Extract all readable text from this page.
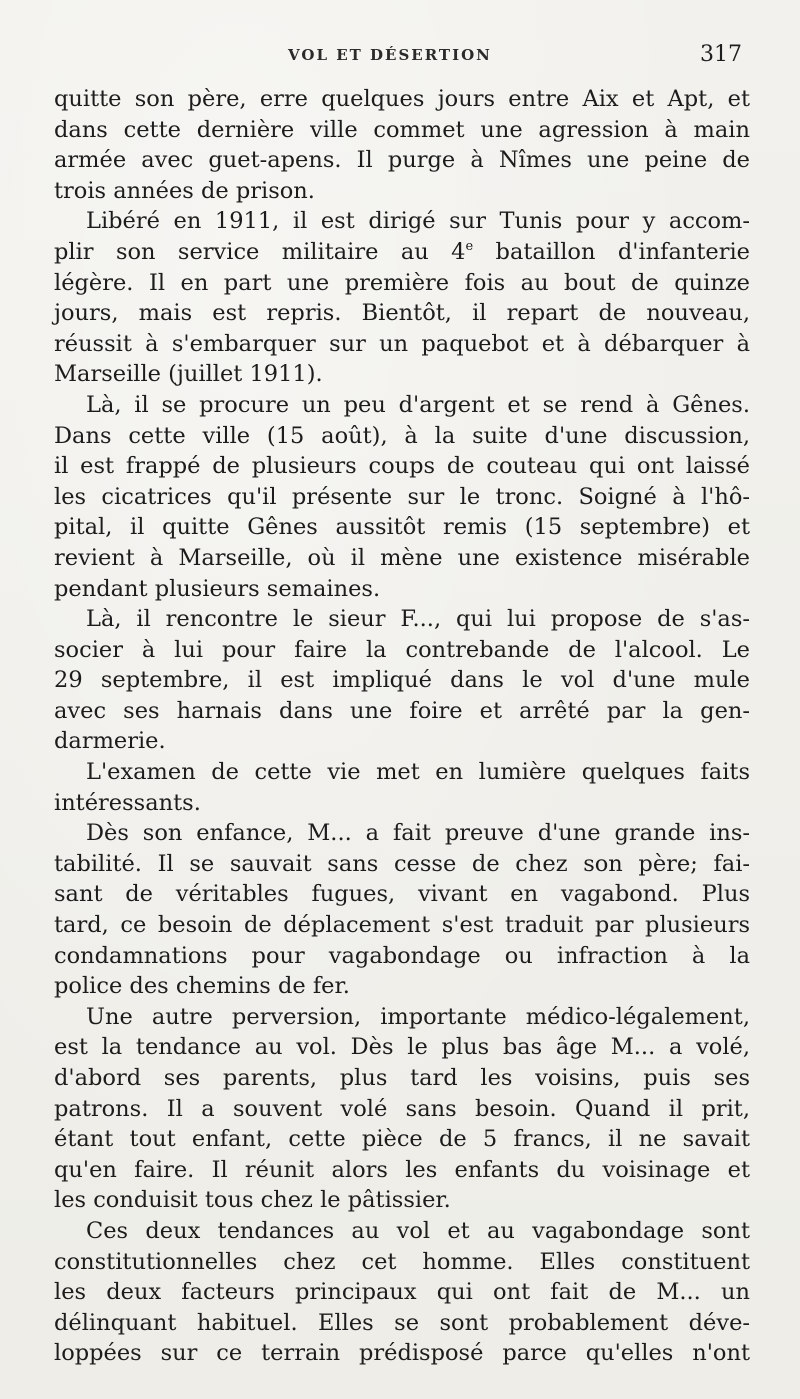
VOL ET DÉSERTION	317

quitte son père, erre quelques jours entre Aix et Apt, et
dans cette dernière ville commet une agression à main
armée avec guet-apens. Il purge à Nîmes une peine de
trois années de prison.

Libéré en 1911, il est dirigé sur Tunis pour y accom-
plir son service militaire au 4e bataillon d'infanterie
légère. Il en part une première fois au bout de quinze
jours, mais est repris. Bientôt, il repart de nouveau,
réussit à s'embarquer sur un paquebot et à débarquer à
Marseille (juillet 1911).

Là, il se procure un peu d'argent et se rend à Gênes.
Dans cette ville (15 août), à la suite d'une discussion,
il est frappé de plusieurs coups de couteau qui ont laissé
les cicatrices qu'il présente sur le tronc. Soigné à l'hô-
pital, il quitte Gênes aussitôt remis (15 septembre) et
revient à Marseille, où il mène une existence misérable
pendant plusieurs semaines.

Là, il rencontre le sieur F..., qui lui propose de s'as-
socier à lui pour faire la contrebande de l'alcool. Le
29 septembre, il est impliqué dans le vol d'une mule
avec ses harnais dans une foire et arrêté par la gen-
darmerie.

L'examen de cette vie met en lumière quelques faits
intéressants.

Dès son enfance, M... a fait preuve d'une grande ins-
tabilité. Il se sauvait sans cesse de chez son père; fai-
sant de véritables fugues, vivant en vagabond. Plus
tard, ce besoin de déplacement s'est traduit par plusieurs
condamnations pour vagabondage ou infraction à la
police des chemins de fer.

Une autre perversion, importante médico-légalement,
est la tendance au vol. Dès le plus bas âge M... a volé,
d'abord ses parents, plus tard les voisins, puis ses
patrons. Il a souvent volé sans besoin. Quand il prit,
étant tout enfant, cette pièce de 5 francs, il ne savait
qu'en faire. Il réunit alors les enfants du voisinage et
les conduisit tous chez le pâtissier.

Ces deux tendances au vol et au vagabondage sont
constitutionnelles chez cet homme. Elles constituent
les deux facteurs principaux qui ont fait de M... un
délinquant habituel. Elles se sont probablement déve-
loppées sur ce terrain prédisposé parce qu'elles n'ont
